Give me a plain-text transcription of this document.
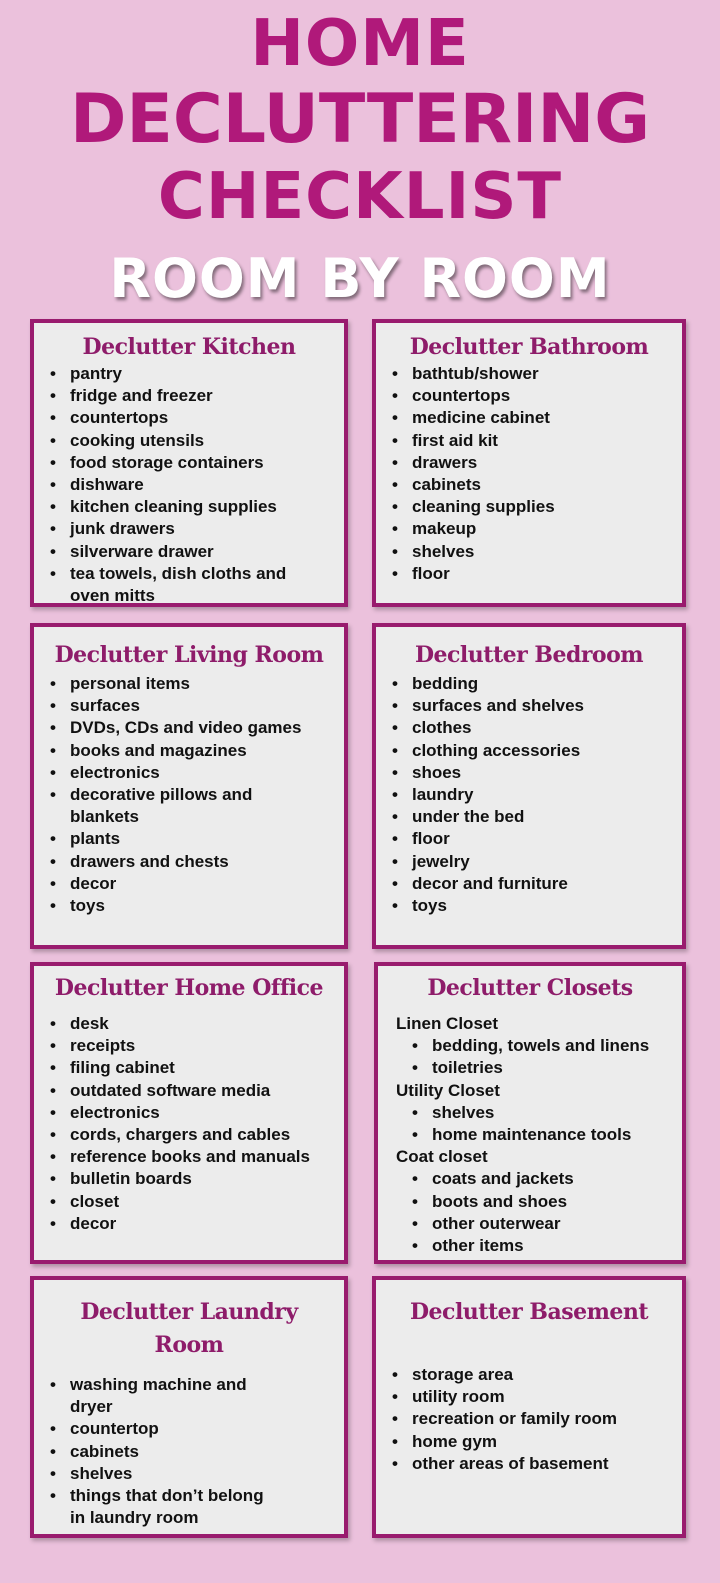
HOME
DECLUTTERING
CHECKLIST
ROOM BY ROOM
Declutter Kitchen
• pantry
• fridge and freezer
• countertops
• cooking utensils
• food storage containers
• dishware
• kitchen cleaning supplies
• junk drawers
• silverware drawer
• tea towels, dish cloths and
oven mitts
Declutter Bathroom
• bathtub/shower
• countertops
• medicine cabinet
• first aid kit
• drawers
• cabinets
• cleaning supplies
• makeup
• shelves
• floor
Declutter Living Room
• personal items
• surfaces
• DVDs, CDs and video games
• books and magazines
• electronics
• decorative pillows and
blankets
• plants
• drawers and chests
• decor
• toys
Declutter Bedroom
• bedding
• surfaces and shelves
• clothes
• clothing accessories
• shoes
• laundry
• under the bed
• floor
• jewelry
• decor and furniture
• toys
Declutter Home Office
• desk
• receipts
• filing cabinet
• outdated software media
• electronics
• cords, chargers and cables
• reference books and manuals
• bulletin boards
• closet
• decor
Declutter Closets
Linen Closet
• bedding, towels and linens
• toiletries
Utility Closet
• shelves
• home maintenance tools
Coat closet
• coats and jackets
• boots and shoes
• other outerwear
• other items
Declutter Laundry
Room
• washing machine and
dryer
• countertop
• cabinets
• shelves
• things that don’t belong
in laundry room
Declutter Basement
• storage area
• utility room
• recreation or family room
• home gym
• other areas of basement
